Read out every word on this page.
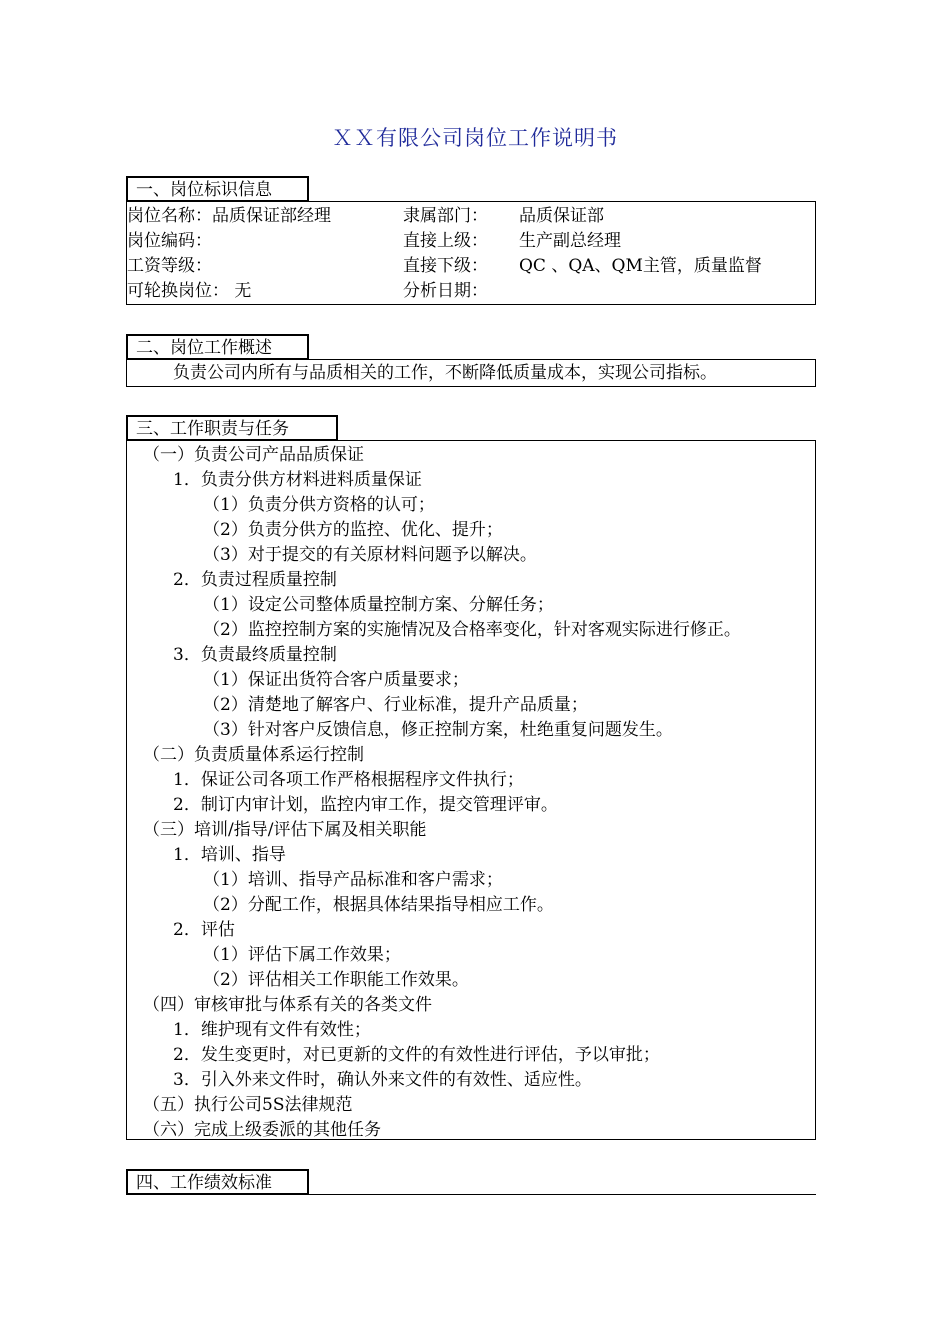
ＸＸ有限公司岗位工作说明书
一、岗位标识信息
岗位名称：品质保证部经理	隶属部门： 品质保证部
岗位编码：	直接上级： 生产副总经理
工资等级：	直接下级： QC 、QA、QM主管，质量监督
可轮换岗位： 无	分析日期：
二、岗位工作概述
负责公司内所有与品质相关的工作，不断降低质量成本，实现公司指标。
三、工作职责与任务
（一）负责公司产品品质保证
1．负责分供方材料进料质量保证
（1）负责分供方资格的认可；
（2）负责分供方的监控、优化、提升；
（3）对于提交的有关原材料问题予以解决。
2．负责过程质量控制
（1）设定公司整体质量控制方案、分解任务；
（2）监控控制方案的实施情况及合格率变化，针对客观实际进行修正。
3．负责最终质量控制
（1）保证出货符合客户质量要求；
（2）清楚地了解客户、行业标准，提升产品质量；
（3）针对客户反馈信息，修正控制方案，杜绝重复问题发生。
（二）负责质量体系运行控制
1．保证公司各项工作严格根据程序文件执行；
2．制订内审计划，监控内审工作，提交管理评审。
（三）培训/指导/评估下属及相关职能
1．培训、指导
（1）培训、指导产品标准和客户需求；
（2）分配工作，根据具体结果指导相应工作。
2．评估
（1）评估下属工作效果；
（2）评估相关工作职能工作效果。
（四）审核审批与体系有关的各类文件
1．维护现有文件有效性；
2．发生变更时，对已更新的文件的有效性进行评估，予以审批；
3．引入外来文件时，确认外来文件的有效性、适应性。
（五）执行公司5S法律规范
（六）完成上级委派的其他任务
四、工作绩效标准
